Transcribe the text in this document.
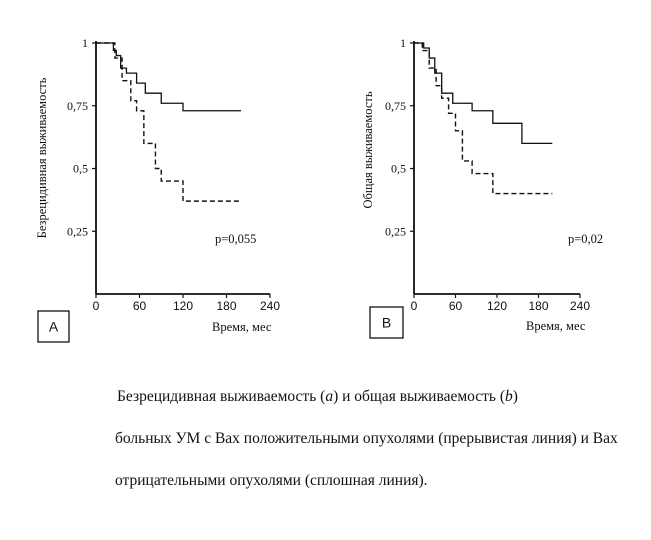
0	60 120 180 240
0,25
0,5
0,75
1
Безрецидивная выживаемость
Время, мес
p=0,055
A
0	60 120 180 240
0,25
0,5
0,75
1
Общая выживаемость
Время, мес
p=0,02
B
Безрецидивная выживаемость (a) и общая выживаемость (b)
больных УМ с Вах положительными опухолями (прерывистая линия) и Вах
отрицательными опухолями (сплошная линия).
